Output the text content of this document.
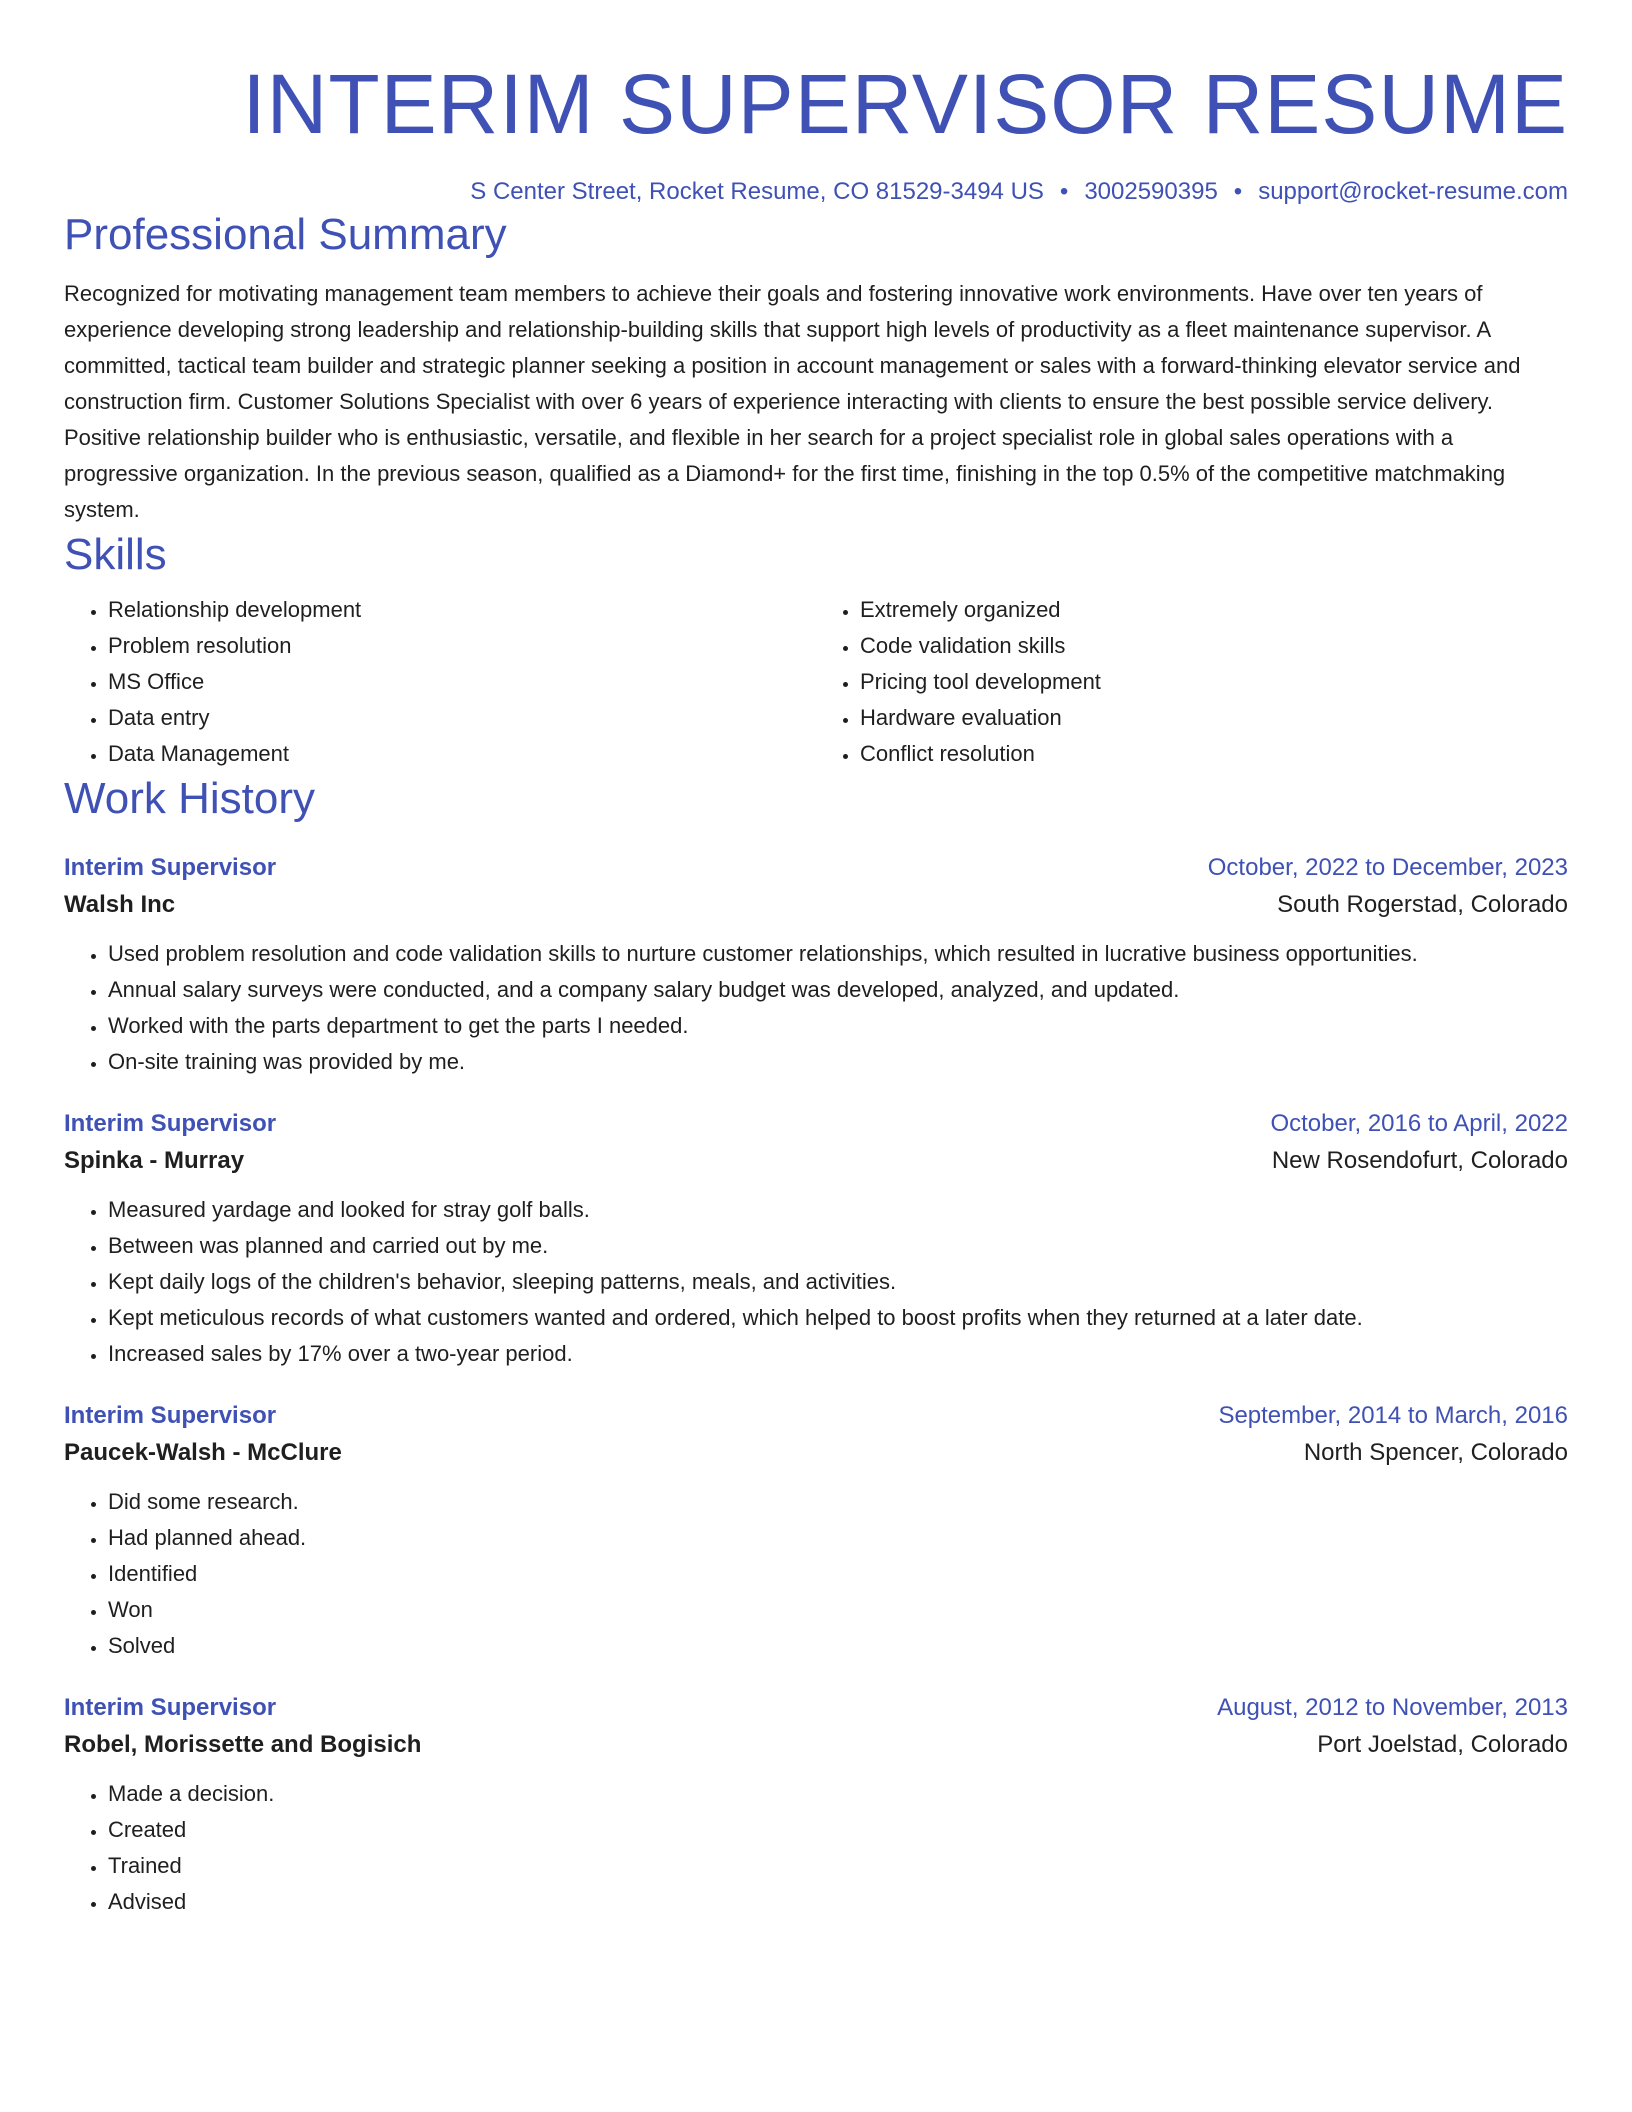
INTERIM SUPERVISOR RESUME
S Center Street, Rocket Resume, CO 81529-3494 US • 3002590395 • support@rocket-resume.com
Professional Summary

Recognized for motivating management team members to achieve their goals and fostering innovative work environments. Have over ten years of experience developing strong leadership and relationship-building skills that support high levels of productivity as a fleet maintenance supervisor. A committed, tactical team builder and strategic planner seeking a position in account management or sales with a forward-thinking elevator service and construction firm. Customer Solutions Specialist with over 6 years of experience interacting with clients to ensure the best possible service delivery. Positive relationship builder who is enthusiastic, versatile, and flexible in her search for a project specialist role in global sales operations with a progressive organization. In the previous season, qualified as a Diamond+ for the first time, finishing in the top 0.5% of the competitive matchmaking system.

Skills
• Relationship development
• Problem resolution
• MS Office
• Data entry
• Data Management
• Extremely organized
• Code validation skills
• Pricing tool development
• Hardware evaluation
• Conflict resolution
Work History
Interim Supervisor	October, 2022 to December, 2023
Walsh Inc	South Rogerstad, Colorado
• Used problem resolution and code validation skills to nurture customer relationships, which resulted in lucrative business opportunities.
• Annual salary surveys were conducted, and a company salary budget was developed, analyzed, and updated.
• Worked with the parts department to get the parts I needed.
• On-site training was provided by me.
Interim Supervisor	October, 2016 to April, 2022
Spinka - Murray	New Rosendofurt, Colorado
• Measured yardage and looked for stray golf balls.
• Between was planned and carried out by me.
• Kept daily logs of the children's behavior, sleeping patterns, meals, and activities.
• Kept meticulous records of what customers wanted and ordered, which helped to boost profits when they returned at a later date.
• Increased sales by 17% over a two-year period.
Interim Supervisor	September, 2014 to March, 2016
Paucek-Walsh - McClure	North Spencer, Colorado
• Did some research.
• Had planned ahead.
• Identified
• Won
• Solved
Interim Supervisor	August, 2012 to November, 2013
Robel, Morissette and Bogisich	Port Joelstad, Colorado
• Made a decision.
• Created
• Trained
• Advised
